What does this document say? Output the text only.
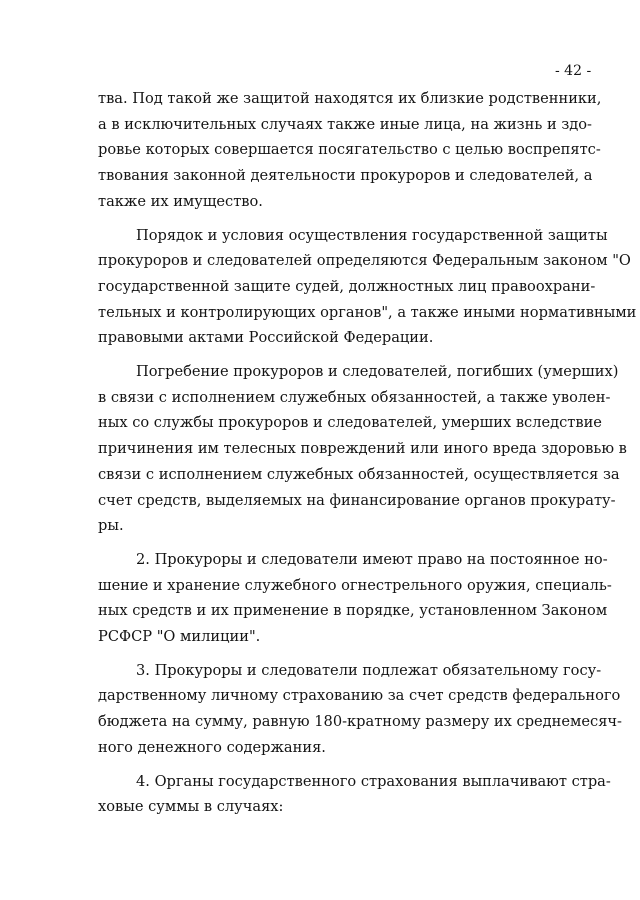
- 42 -

тва. Под такой же защитой находятся их близкие родственники,
а в исключительных случаях также иные лица, на жизнь и здо-
ровье которых совершается посягательство с целью воспрепятс-
твования законной деятельности прокуроров и следователей, а
также их имущество.

Порядок и условия осуществления государственной защиты
прокуроров и следователей определяются Федеральным законом "О
государственной защите судей, должностных лиц правоохрани-
тельных и контролирующих органов", а также иными нормативными
правовыми актами Российской Федерации.

Погребение прокуроров и следователей, погибших (умерших)
в связи с исполнением служебных обязанностей, а также уволен-
ных со службы прокуроров и следователей, умерших вследствие
причинения им телесных повреждений или иного вреда здоровью в
связи с исполнением служебных обязанностей, осуществляется за
счет средств, выделяемых на финансирование органов прокурату-
ры.

2. Прокуроры и следователи имеют право на постоянное но-
шение и хранение служебного огнестрельного оружия, специаль-
ных средств и их применение в порядке, установленном Законом
РСФСР "О милиции".

3. Прокуроры и следователи подлежат обязательному госу-
дарственному личному страхованию за счет средств федерального
бюджета на сумму, равную 180-кратному размеру их среднемесяч-
ного денежного содержания.

4. Органы государственного страхования выплачивают стра-
ховые суммы в случаях:
